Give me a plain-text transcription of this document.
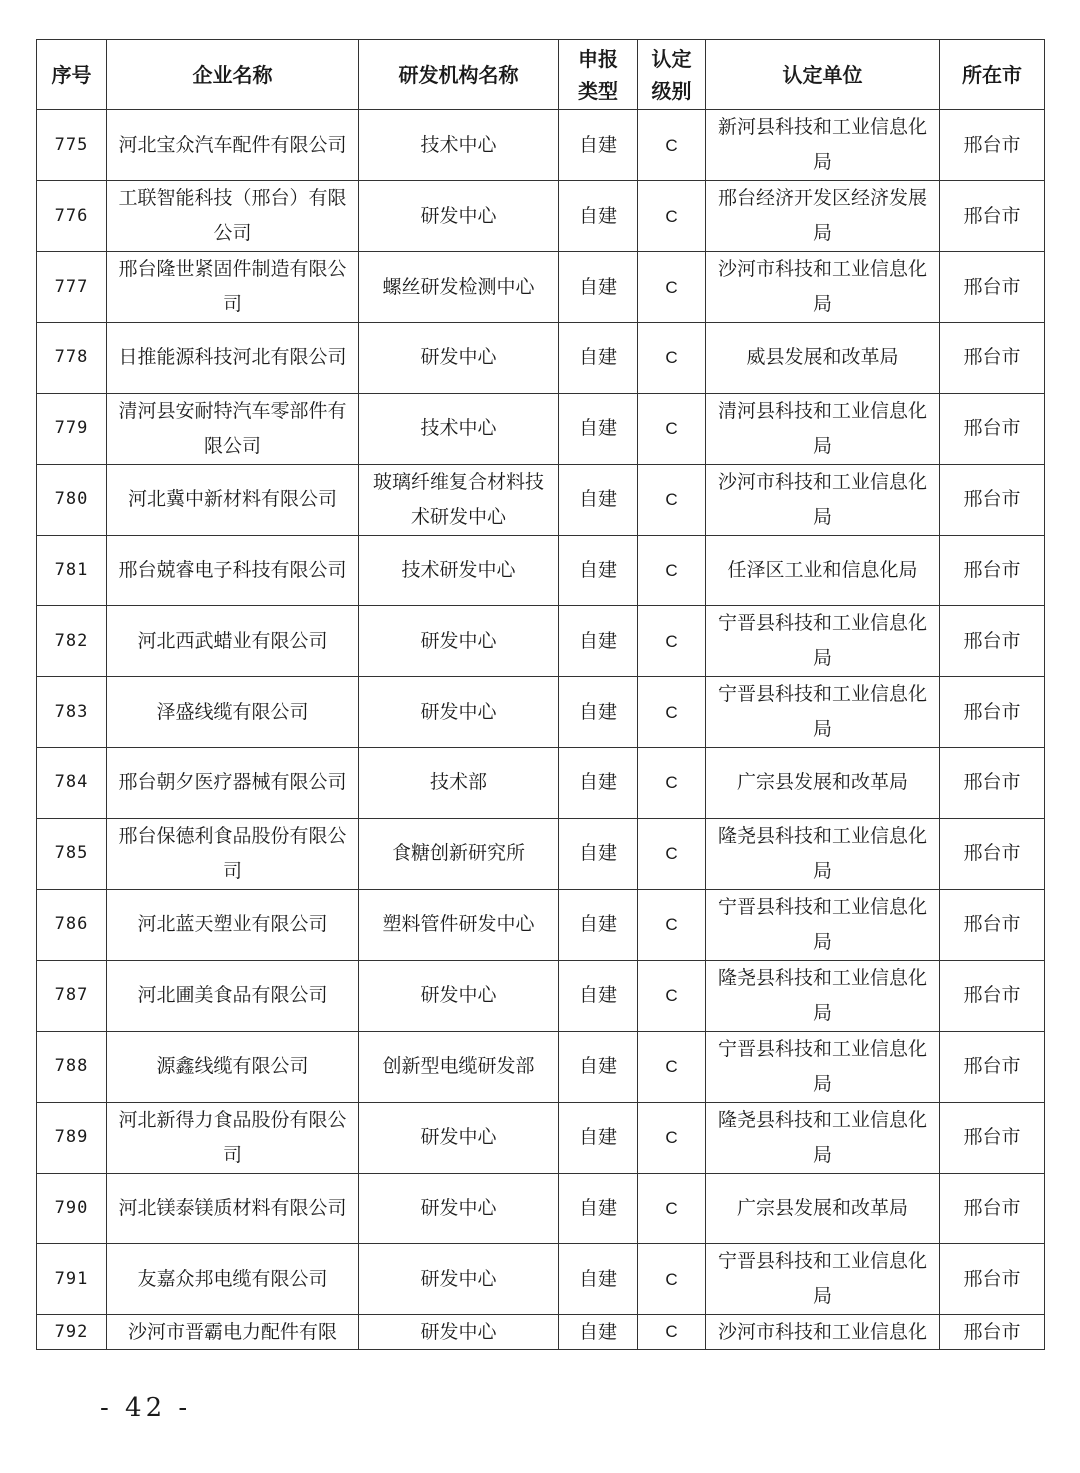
序号	企业名称	研发机构名称	申报类型	认定级别	认定单位	所在市
775	河北宝众汽车配件有限公司	技术中心	自建	C	新河县科技和工业信息化局	邢台市
776	工联智能科技（邢台）有限公司	研发中心	自建	C	邢台经济开发区经济发展局	邢台市
777	邢台隆世紧固件制造有限公司	螺丝研发检测中心	自建	C	沙河市科技和工业信息化局	邢台市
778	日推能源科技河北有限公司	研发中心	自建	C	威县发展和改革局	邢台市
779	清河县安耐特汽车零部件有限公司	技术中心	自建	C	清河县科技和工业信息化局	邢台市
780	河北冀中新材料有限公司	玻璃纤维复合材料技术研发中心	自建	C	沙河市科技和工业信息化局	邢台市
781	邢台兢睿电子科技有限公司	技术研发中心	自建	C	任泽区工业和信息化局	邢台市
782	河北西武蜡业有限公司	研发中心	自建	C	宁晋县科技和工业信息化局	邢台市
783	泽盛线缆有限公司	研发中心	自建	C	宁晋县科技和工业信息化局	邢台市
784	邢台朝夕医疗器械有限公司	技术部	自建	C	广宗县发展和改革局	邢台市
785	邢台保德利食品股份有限公司	食糖创新研究所	自建	C	隆尧县科技和工业信息化局	邢台市
786	河北蓝天塑业有限公司	塑料管件研发中心	自建	C	宁晋县科技和工业信息化局	邢台市
787	河北圃美食品有限公司	研发中心	自建	C	隆尧县科技和工业信息化局	邢台市
788	源鑫线缆有限公司	创新型电缆研发部	自建	C	宁晋县科技和工业信息化局	邢台市
789	河北新得力食品股份有限公司	研发中心	自建	C	隆尧县科技和工业信息化局	邢台市
790	河北镁泰镁质材料有限公司	研发中心	自建	C	广宗县发展和改革局	邢台市
791	友嘉众邦电缆有限公司	研发中心	自建	C	宁晋县科技和工业信息化局	邢台市
792	沙河市晋霸电力配件有限	研发中心	自建	C	沙河市科技和工业信息化	邢台市
- 42 -
